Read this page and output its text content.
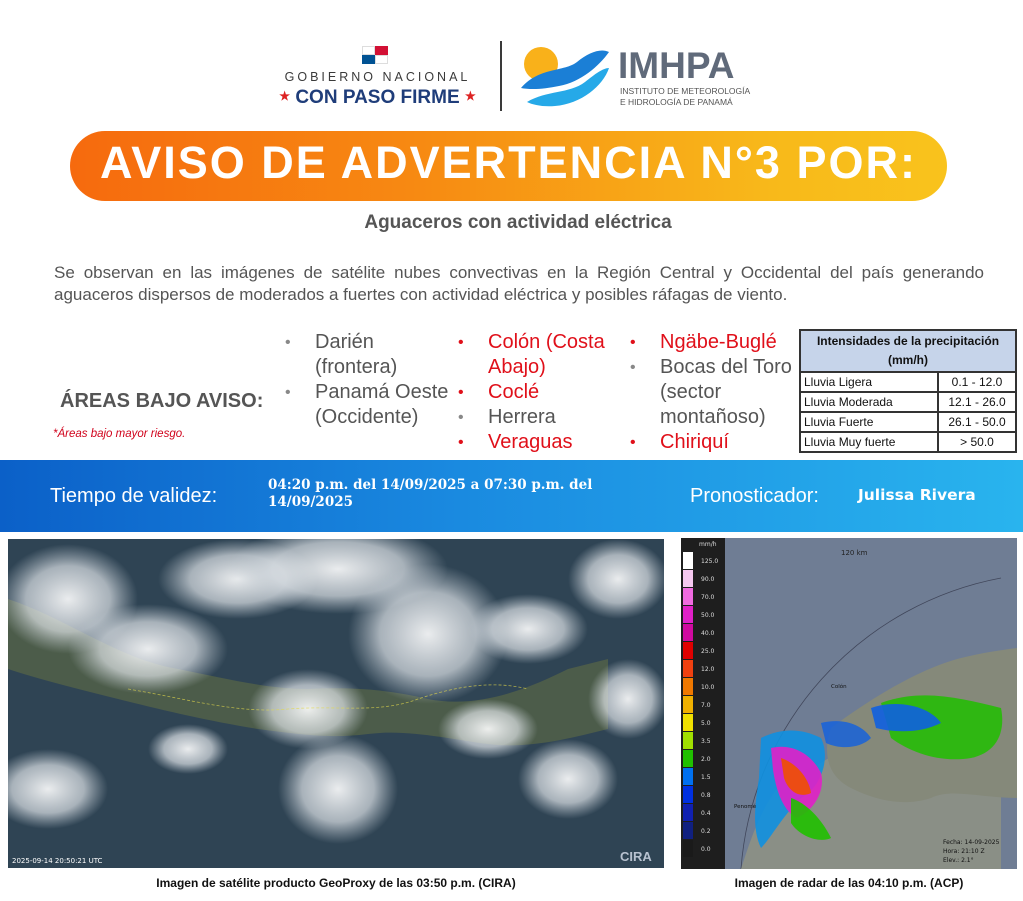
GOBIERNO NACIONAL
★ CON PASO FIRME ★
IMHPA
INSTITUTO DE METEOROLOGÍA
E HIDROLOGÍA DE PANAMÁ
AVISO DE ADVERTENCIA N°3 POR:
Aguaceros con actividad eléctrica
Se observan en las imágenes de satélite nubes convectivas en la Región Central y Occidental del país generando aguaceros dispersos de moderados a fuertes con actividad eléctrica y posibles ráfagas de viento.
ÁREAS BAJO AVISO:
*Áreas bajo mayor riesgo.
• Darién (frontera)
• Panamá Oeste (Occidente)
• Colón (Costa Abajo)
• Coclé
• Herrera
• Veraguas
• Ngäbe-Buglé
• Bocas del Toro (sector montañoso)
• Chiriquí
Intensidades de la precipitación (mm/h)	
Lluvia Ligera	0.1 - 12.0
Lluvia Moderada	12.1 - 26.0
Lluvia Fuerte	26.1 - 50.0
Lluvia Muy fuerte	> 50.0
Tiempo de validez:	04:20 p.m. del 14/09/2025 a 07:30 p.m. del 14/09/2025	Pronosticador:	Julissa Rivera
2025-09-14 20:50:21 UTC	CIRA
mm/h
125.0
90.0
70.0
50.0
40.0
25.0
12.0
10.0
7.0
5.0
3.5
2.0
1.5
0.8
0.4
0.2
0.0
120 km
Colón
Penomé
Fecha: 14-09-2025
Hora: 21:10 Z
Elev.: 2.1°
Imagen de satélite producto GeoProxy de las 03:50 p.m. (CIRA)	Imagen de radar de las 04:10 p.m. (ACP)
